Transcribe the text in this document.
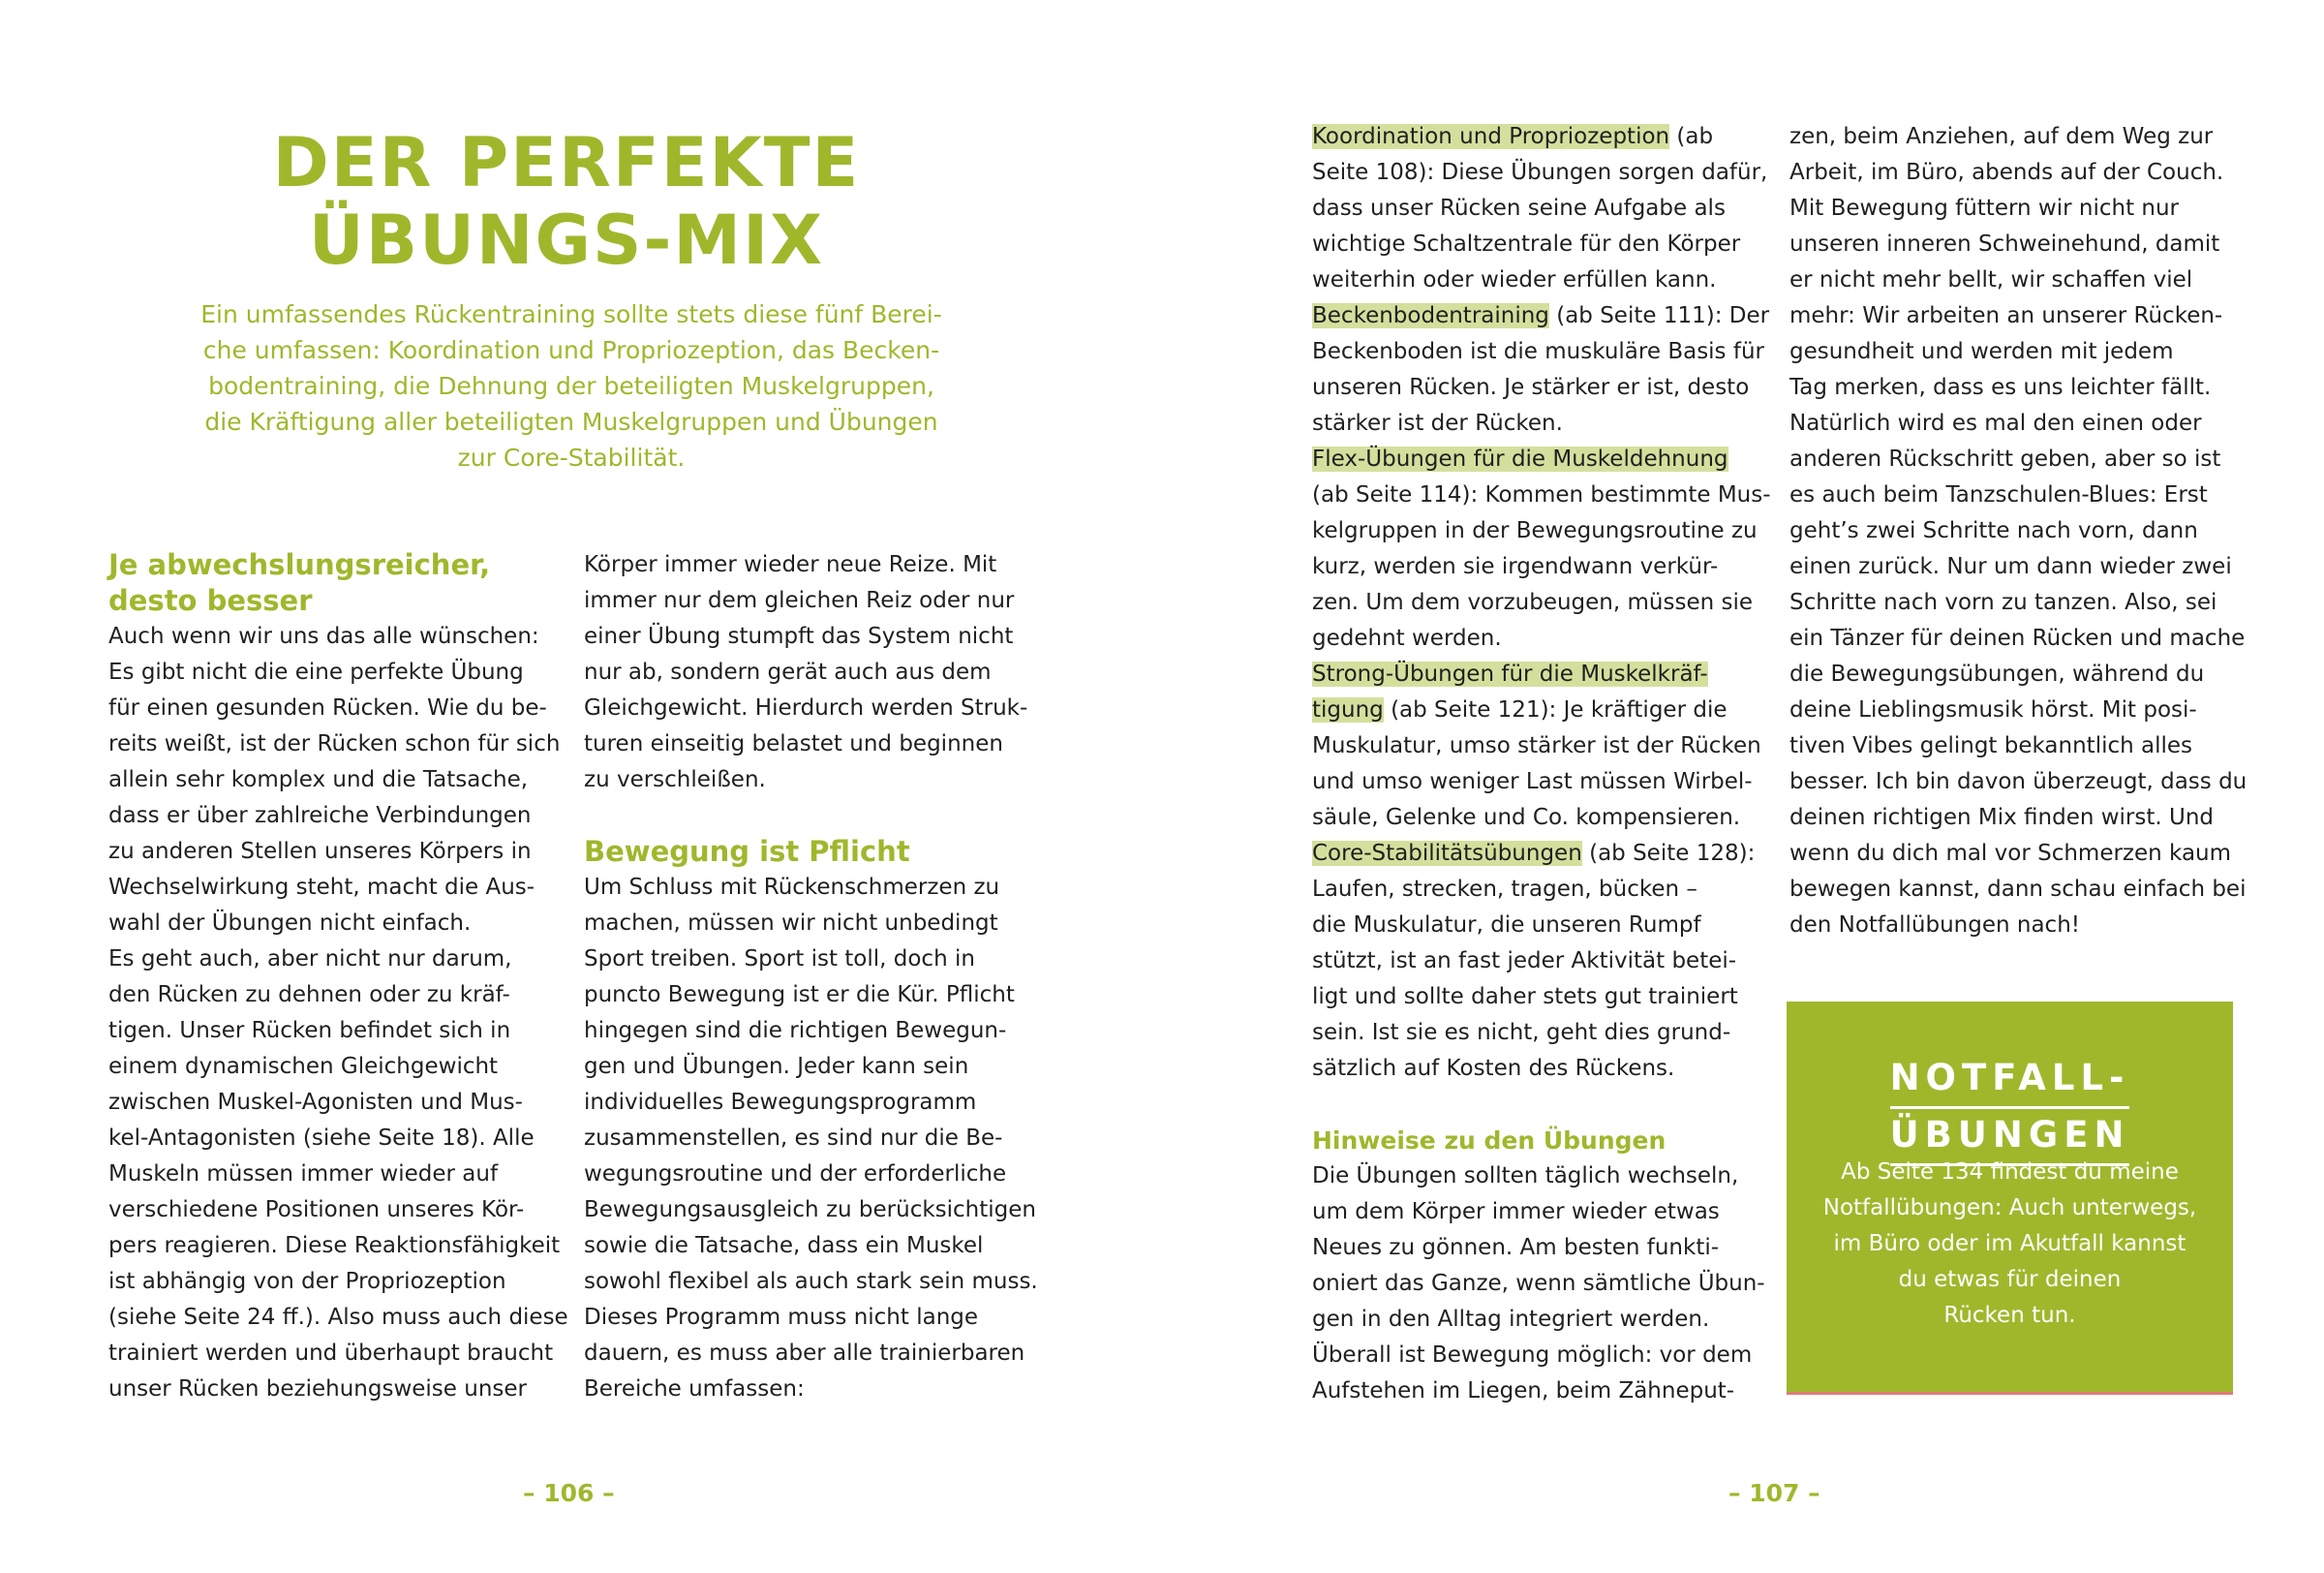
DER PERFEKTE
ÜBUNGS-MIX
Ein umfassendes Rückentraining sollte stets diese fünf Berei-
che umfassen: Koordination und Propriozeption, das Becken-
bodentraining, die Dehnung der beteiligten Muskelgruppen,
die Kräftigung aller beteiligten Muskelgruppen und Übungen
zur Core-Stabilität.
Je abwechslungsreicher,
desto besser
Auch wenn wir uns das alle wünschen:
Es gibt nicht die eine perfekte Übung
für einen gesunden Rücken. Wie du be-
reits weißt, ist der Rücken schon für sich
allein sehr komplex und die Tatsache,
dass er über zahlreiche Verbindungen
zu anderen Stellen unseres Körpers in
Wechselwirkung steht, macht die Aus-
wahl der Übungen nicht einfach.
Es geht auch, aber nicht nur darum,
den Rücken zu dehnen oder zu kräf-
tigen. Unser Rücken befindet sich in
einem dynamischen Gleichgewicht
zwischen Muskel-Agonisten und Mus-
kel-Antagonisten (siehe Seite 18). Alle
Muskeln müssen immer wieder auf
verschiedene Positionen unseres Kör-
pers reagieren. Diese Reaktionsfähigkeit
ist abhängig von der Propriozeption
(siehe Seite 24 ff.). Also muss auch diese
trainiert werden und überhaupt braucht
unser Rücken beziehungsweise unser
Körper immer wieder neue Reize. Mit
immer nur dem gleichen Reiz oder nur
einer Übung stumpft das System nicht
nur ab, sondern gerät auch aus dem
Gleichgewicht. Hierdurch werden Struk-
turen einseitig belastet und beginnen
zu verschleißen.
Bewegung ist Pflicht
Um Schluss mit Rückenschmerzen zu
machen, müssen wir nicht unbedingt
Sport treiben. Sport ist toll, doch in
puncto Bewegung ist er die Kür. Pflicht
hingegen sind die richtigen Bewegun-
gen und Übungen. Jeder kann sein
individuelles Bewegungsprogramm
zusammenstellen, es sind nur die Be-
wegungsroutine und der erforderliche
Bewegungsausgleich zu berücksichtigen
sowie die Tatsache, dass ein Muskel
sowohl flexibel als auch stark sein muss.
Dieses Programm muss nicht lange
dauern, es muss aber alle trainierbaren
Bereiche umfassen:
– 106 –
Koordination und Propriozeption (ab
Seite 108): Diese Übungen sorgen dafür,
dass unser Rücken seine Aufgabe als
wichtige Schaltzentrale für den Körper
weiterhin oder wieder erfüllen kann.
Beckenbodentraining (ab Seite 111): Der
Beckenboden ist die muskuläre Basis für
unseren Rücken. Je stärker er ist, desto
stärker ist der Rücken.
Flex-Übungen für die Muskeldehnung
(ab Seite 114): Kommen bestimmte Mus-
kelgruppen in der Bewegungsroutine zu
kurz, werden sie irgendwann verkür-
zen. Um dem vorzubeugen, müssen sie
gedehnt werden.
Strong-Übungen für die Muskelkräf-
tigung (ab Seite 121): Je kräftiger die
Muskulatur, umso stärker ist der Rücken
und umso weniger Last müssen Wirbel-
säule, Gelenke und Co. kompensieren.
Core-Stabilitätsübungen (ab Seite 128):
Laufen, strecken, tragen, bücken –
die Muskulatur, die unseren Rumpf
stützt, ist an fast jeder Aktivität betei-
ligt und sollte daher stets gut trainiert
sein. Ist sie es nicht, geht dies grund-
sätzlich auf Kosten des Rückens.
Hinweise zu den Übungen
Die Übungen sollten täglich wechseln,
um dem Körper immer wieder etwas
Neues zu gönnen. Am besten funkti-
oniert das Ganze, wenn sämtliche Übun-
gen in den Alltag integriert werden.
Überall ist Bewegung möglich: vor dem
Aufstehen im Liegen, beim Zähneput-
zen, beim Anziehen, auf dem Weg zur
Arbeit, im Büro, abends auf der Couch.
Mit Bewegung füttern wir nicht nur
unseren inneren Schweinehund, damit
er nicht mehr bellt, wir schaffen viel
mehr: Wir arbeiten an unserer Rücken-
gesundheit und werden mit jedem
Tag merken, dass es uns leichter fällt.
Natürlich wird es mal den einen oder
anderen Rückschritt geben, aber so ist
es auch beim Tanzschulen-Blues: Erst
geht’s zwei Schritte nach vorn, dann
einen zurück. Nur um dann wieder zwei
Schritte nach vorn zu tanzen. Also, sei
ein Tänzer für deinen Rücken und mache
die Bewegungsübungen, während du
deine Lieblingsmusik hörst. Mit posi-
tiven Vibes gelingt bekanntlich alles
besser. Ich bin davon überzeugt, dass du
deinen richtigen Mix finden wirst. Und
wenn du dich mal vor Schmerzen kaum
bewegen kannst, dann schau einfach bei
den Notfallübungen nach!
NOTFALL-
ÜBUNGEN
Ab Seite 134 findest du meine
Notfallübungen: Auch unterwegs,
im Büro oder im Akutfall kannst
du etwas für deinen
Rücken tun.
– 107 –
